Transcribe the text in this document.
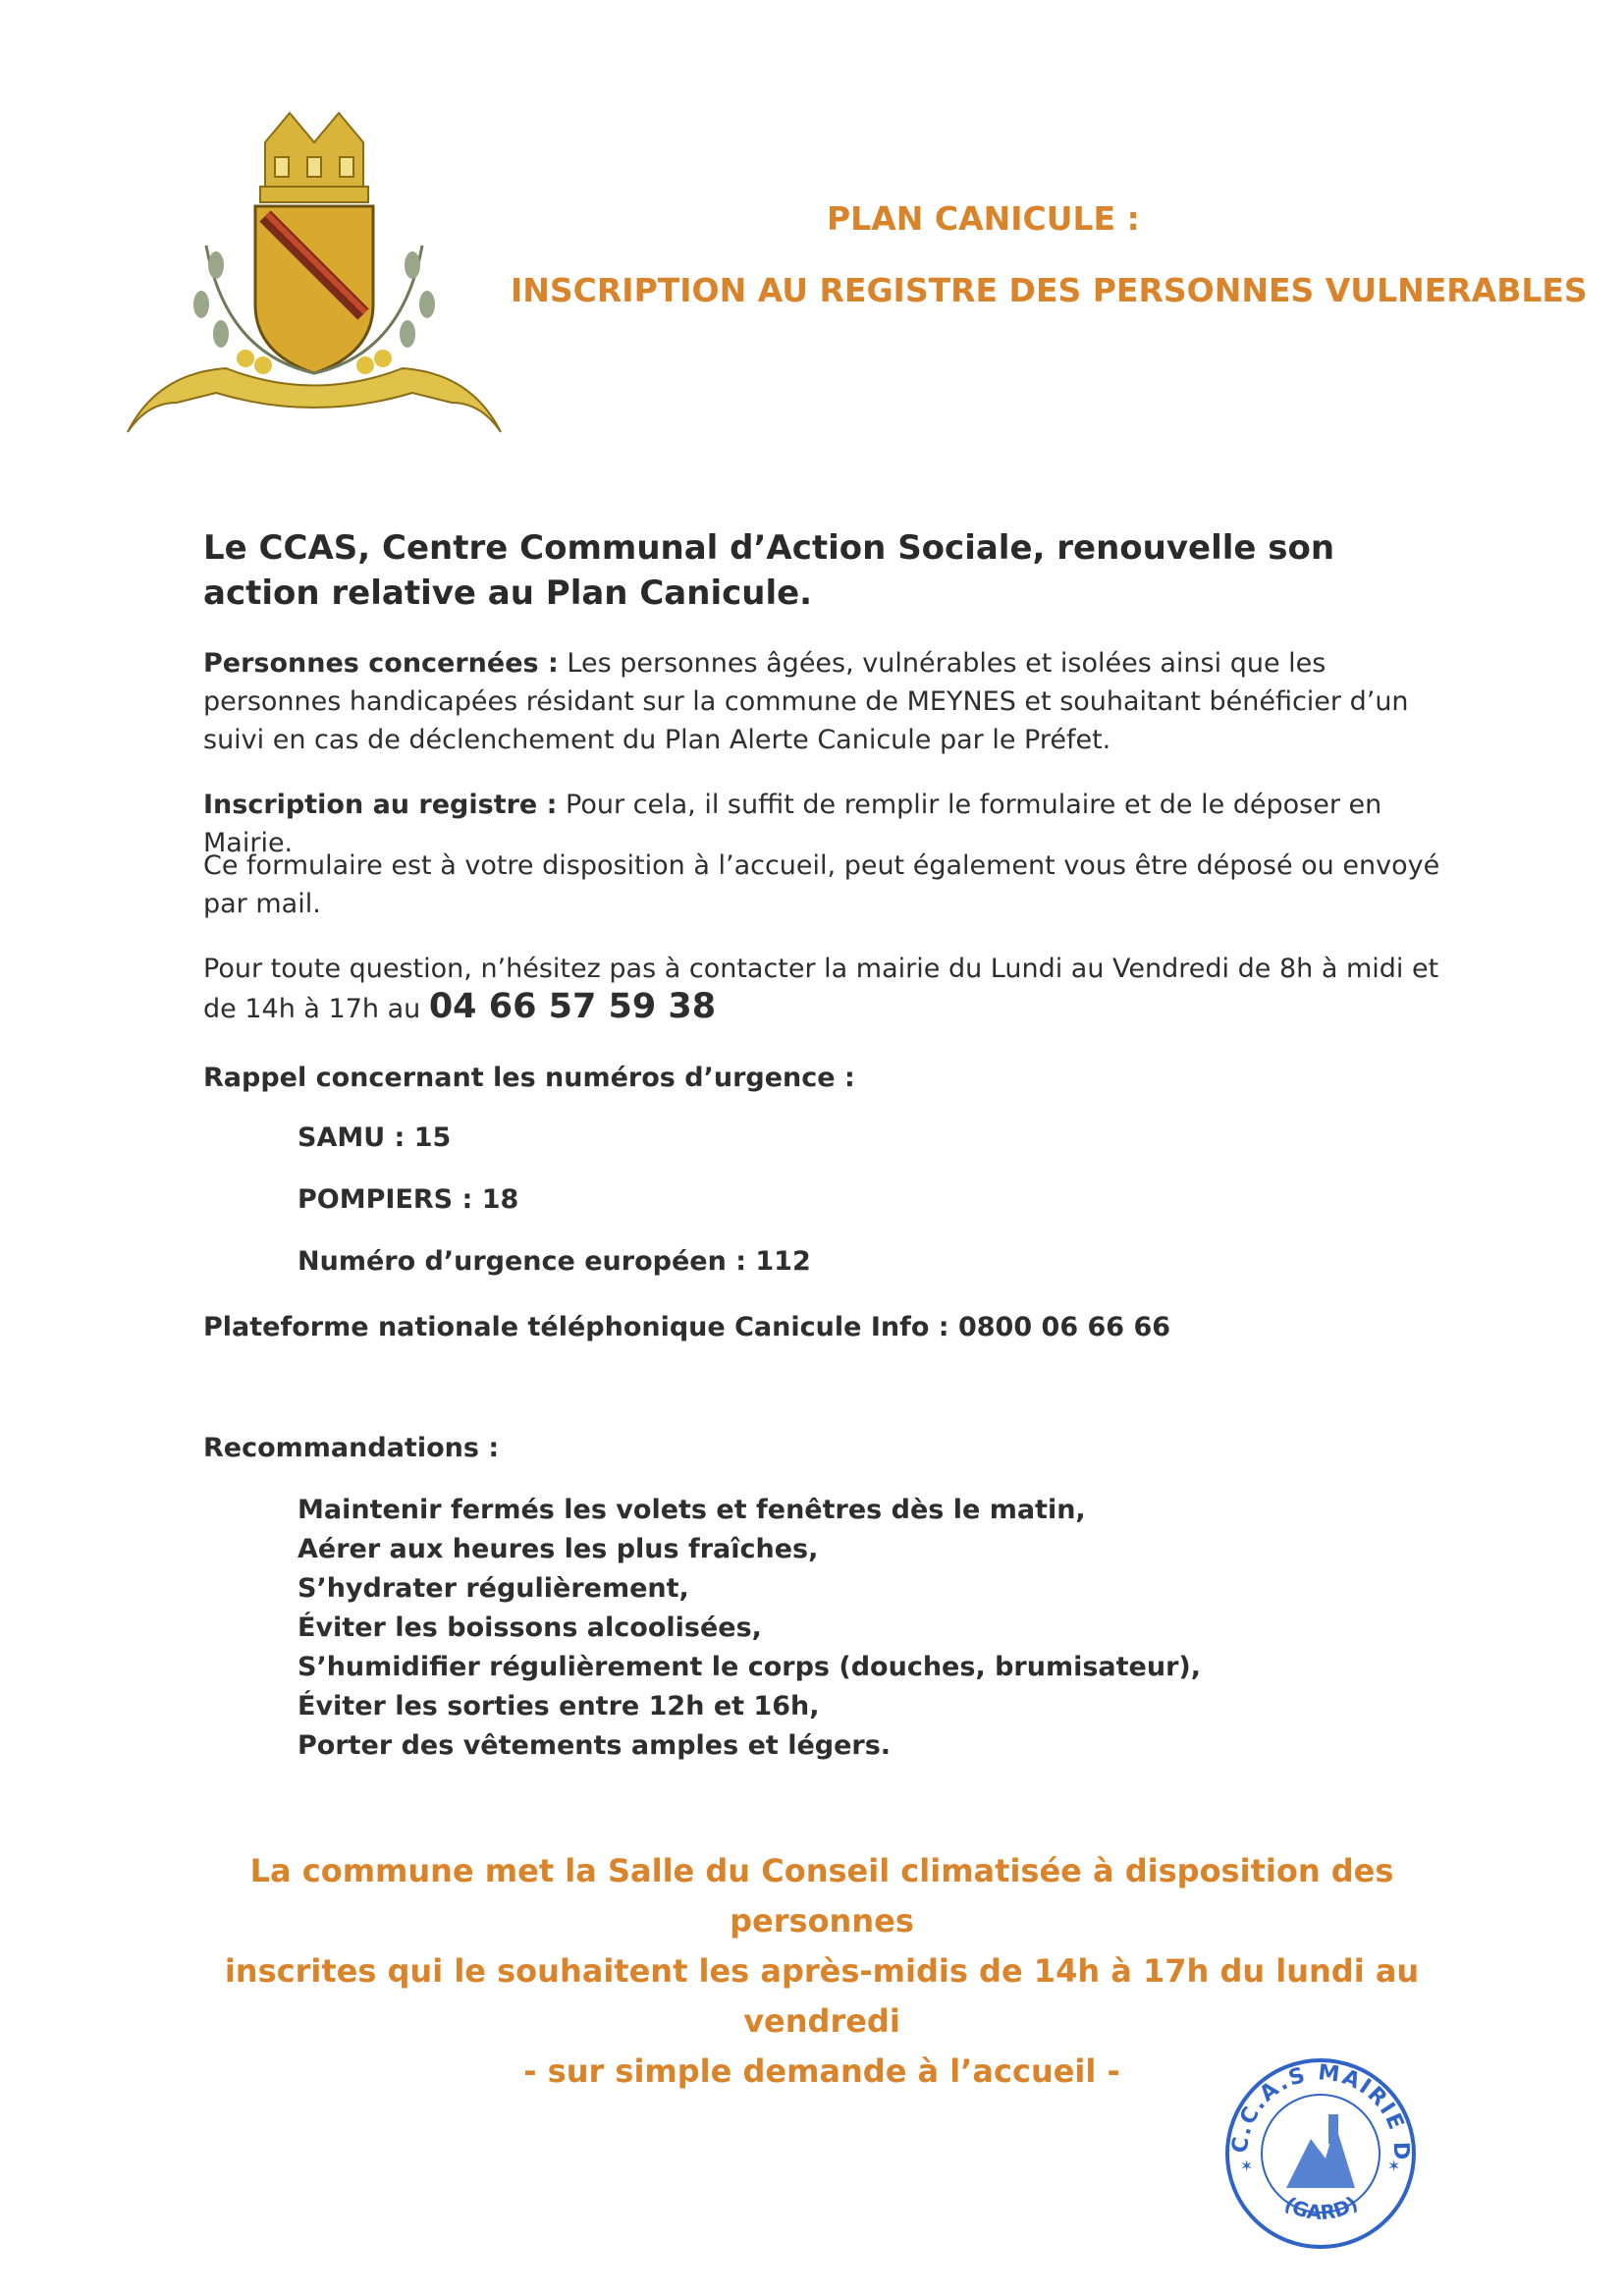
PLAN CANICULE :
INSCRIPTION AU REGISTRE DES PERSONNES VULNERABLES
Le CCAS, Centre Communal d’Action Sociale, renouvelle son action relative au Plan Canicule.
Personnes concernées : Les personnes âgées, vulnérables et isolées ainsi que les personnes handicapées résidant sur la commune de MEYNES et souhaitant bénéficier d’un suivi en cas de déclenchement du Plan Alerte Canicule par le Préfet.
Inscription au registre : Pour cela, il suffit de remplir le formulaire et de le déposer en Mairie.
Ce formulaire est à votre disposition à l’accueil, peut également vous être déposé ou envoyé par mail.
Pour toute question, n’hésitez pas à contacter la mairie du Lundi au Vendredi de 8h à midi et de 14h à 17h au 04 66 57 59 38
Rappel concernant les numéros d’urgence :
SAMU : 15
POMPIERS : 18
Numéro d’urgence européen : 112
Plateforme nationale téléphonique Canicule Info : 0800 06 66 66
Recommandations :
Maintenir fermés les volets et fenêtres dès le matin,
Aérer aux heures les plus fraîches,
S’hydrater régulièrement,
Éviter les boissons alcoolisées,
S’humidifier régulièrement le corps (douches, brumisateur),
Éviter les sorties entre 12h et 16h,
Porter des vêtements amples et légers.
La commune met la Salle du Conseil climatisée à disposition des personnes
inscrites qui le souhaitent les après-midis de 14h à 17h du lundi au vendredi
- sur simple demande à l’accueil -
C.C.A.S MAIRIE D
(GARD)
✶	✶
